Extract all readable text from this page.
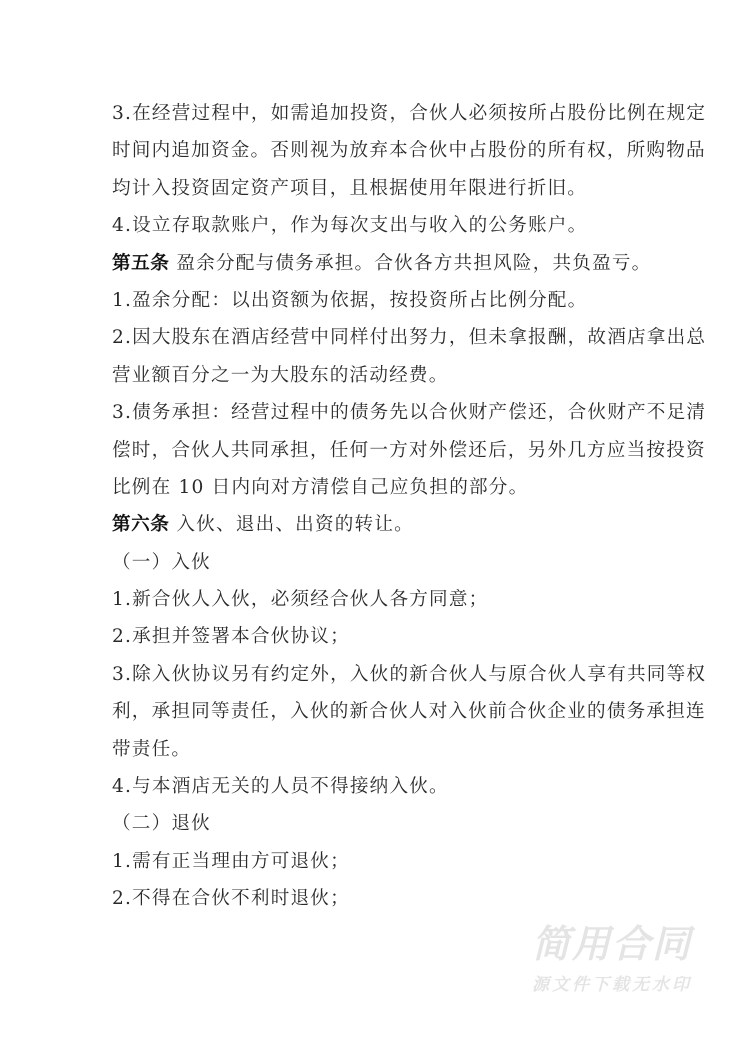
3.在经营过程中，如需追加投资，合伙人必须按所占股份比例在规定
时间内追加资金。否则视为放弃本合伙中占股份的所有权，所购物品
均计入投资固定资产项目，且根据使用年限进行折旧。
4.设立存取款账户，作为每次支出与收入的公务账户。
第五条 盈余分配与债务承担。合伙各方共担风险，共负盈亏。
1.盈余分配：以出资额为依据，按投资所占比例分配。
2.因大股东在酒店经营中同样付出努力，但未拿报酬，故酒店拿出总
营业额百分之一为大股东的活动经费。
3.债务承担：经营过程中的债务先以合伙财产偿还，合伙财产不足清
偿时，合伙人共同承担，任何一方对外偿还后，另外几方应当按投资
比例在 10 日内向对方清偿自己应负担的部分。
第六条 入伙、退出、出资的转让。
（一）入伙
1.新合伙人入伙，必须经合伙人各方同意；
2.承担并签署本合伙协议；
3.除入伙协议另有约定外，入伙的新合伙人与原合伙人享有共同等权
利，承担同等责任，入伙的新合伙人对入伙前合伙企业的债务承担连
带责任。
4.与本酒店无关的人员不得接纳入伙。
（二）退伙
1.需有正当理由方可退伙；
2.不得在合伙不利时退伙；
简用合同
源文件下载无水印
